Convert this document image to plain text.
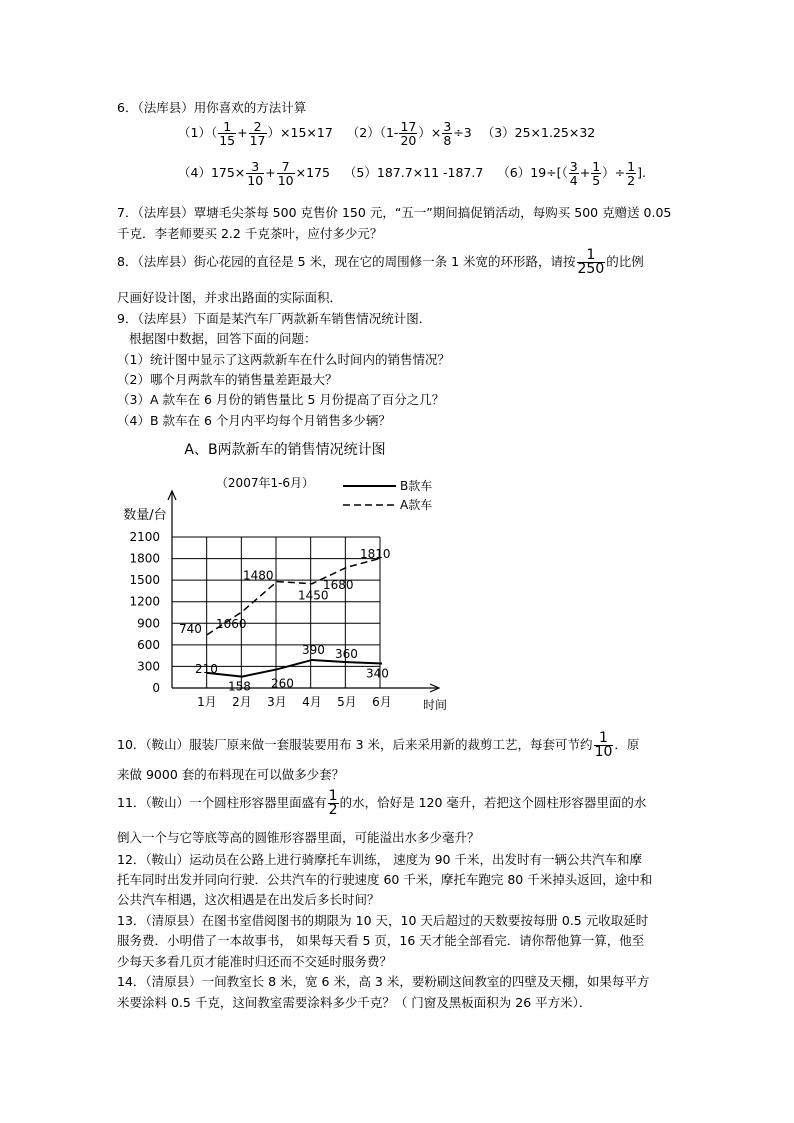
6．（法库县）用你喜欢的方法计算
$(1)( \frac{1}{15} + \frac{2}{17} )\times 15\times 17$ $(2)(1- \frac{17}{20}$ ）× $\frac{3}{8} \div 3$ （3）25×1.25×32
$(4)175\times \frac{3}{10} + \frac{7}{10} \times 175$ （5）187.7×11 -187.7 $(6)19\div[( \frac{3}{4} + \frac{1}{5}$ ）÷ $\frac{1}{2}$ ].
7．（法库县）覃塘毛尖茶每 500 克售价 150 元，“五一”期间搞促销活动，每购买 500 克赠送 0.05
千克．李老师要买 2.2 千克茶叶，应付多少元？
8．（法库县）街心花园的直径是 5 米，现在它的周围修一条 1 米宽的环形路，请按 $\frac{1}{250}$ 的比例
尺画好设计图，并求出路面的实际面积．
9．（法库县）下面是某汽车厂两款新车销售情况统计图．
根据图中数据，回答下面的问题：
（1）统计图中显示了这两款新车在什么时间内的销售情况？
（2）哪个月两款车的销售量差距最大？
（3）A 款车在 6 月份的销售量比 5 月份提高了百分之几？
（4）B 款车在 6 个月内平均每个月销售多少辆？
A、B两款新车的销售情况统计图
（2007年1-6月）
数量/台
时间
B款车
A款车
0
300
600
900
1200
1500
1800
2100
1月 2月 3月 4月 5月 6月
210
158 260
390 360
340
740 1060
1480
1450
1680
1810
10．（鞍山）服装厂原来做一套服装要用布 3 米，后来采用新的裁剪工艺，每套可节约 $\frac{1}{10}$ ．原
来做 9000 套的布料现在可以做多少套？
11．（鞍山）一个圆柱形容器里面盛有 $\frac{1}{2}$ 的水，恰好是 120 毫升，若把这个圆柱形容器里面的水
倒入一个与它等底等高的圆锥形容器里面，可能溢出水多少毫升？
12．（鞍山）运动员在公路上进行骑摩托车训练， 速度为 90 千米，出发时有一辆公共汽车和摩
托车同时出发并同向行驶．公共汽车的行驶速度 60 千米，摩托车跑完 80 千米掉头返回，途中和
公共汽车相遇，这次相遇是在出发后多长时间？
13．（清原县）在图书室借阅图书的期限为 10 天，10 天后超过的天数要按每册 0.5 元收取延时
服务费．小明借了一本故事书， 如果每天看 5 页，16 天才能全部看完．请你帮他算一算，他至
少每天多看几页才能准时归还而不交延时服务费？
14．（清原县）一间教室长 8 米，宽 6 米，高 3 米，要粉刷这间教室的四壁及天棚，如果每平方
米要涂料 0.5 千克，这间教室需要涂料多少千克？（ 门窗及黑板面积为 26 平方米）．
